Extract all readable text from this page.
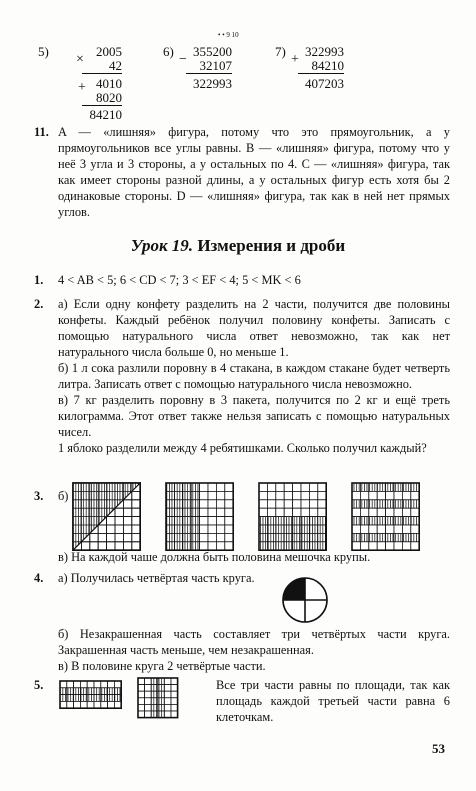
5)	2005
42
4010
8020
84210
×
+
6)
• • 9 10
355200
32107
322993
−
7)	322993
84210
407203
+
11. A — «лишняя» фигура, потому что это прямоугольник, а у прямоугольников все углы равны. B — «лишняя» фигура, потому что у неё 3 угла и 3 стороны, а у остальных по 4. C — «лишняя» фигура, так как имеет стороны разной длины, а у остальных фигур есть хотя бы 2 одинаковые стороны. D — «лишняя» фигура, так как в ней нет прямых углов.
Урок 19. Измерения и дроби
1. 4 < AB < 5; 6 < CD < 7; 3 < EF < 4; 5 < MK < 6
2. а) Если одну конфету разделить на 2 части, получится две половины конфеты. Каждый ребёнок получил половину конфеты. Записать с помощью натурального числа ответ невозможно, так как нет натурального числа больше 0, но меньше 1.

б) 1 л сока разлили поровну в 4 стакана, в каждом стакане будет четверть литра. Записать ответ с помощью натурального числа невозможно.

в) 7 кг разделить поровну в 3 пакета, получится по 2 кг и ещё треть килограмма. Этот ответ также нельзя записать с помощью натуральных чисел.

1 яблоко разделили между 4 ребятишками. Сколько получил каждый?

3. б)
в) На каждой чаше должна быть половина мешочка крупы.
4. а) Получилась четвёртая часть круга.

б) Незакрашенная часть составляет три четвёртых части круга. Закрашенная часть меньше, чем незакрашенная.

в) В половине круга 2 четвёртые части.

5.	Все три части равны по площади, так как площадь каждой третьей части равна 6 клеточкам.
53
